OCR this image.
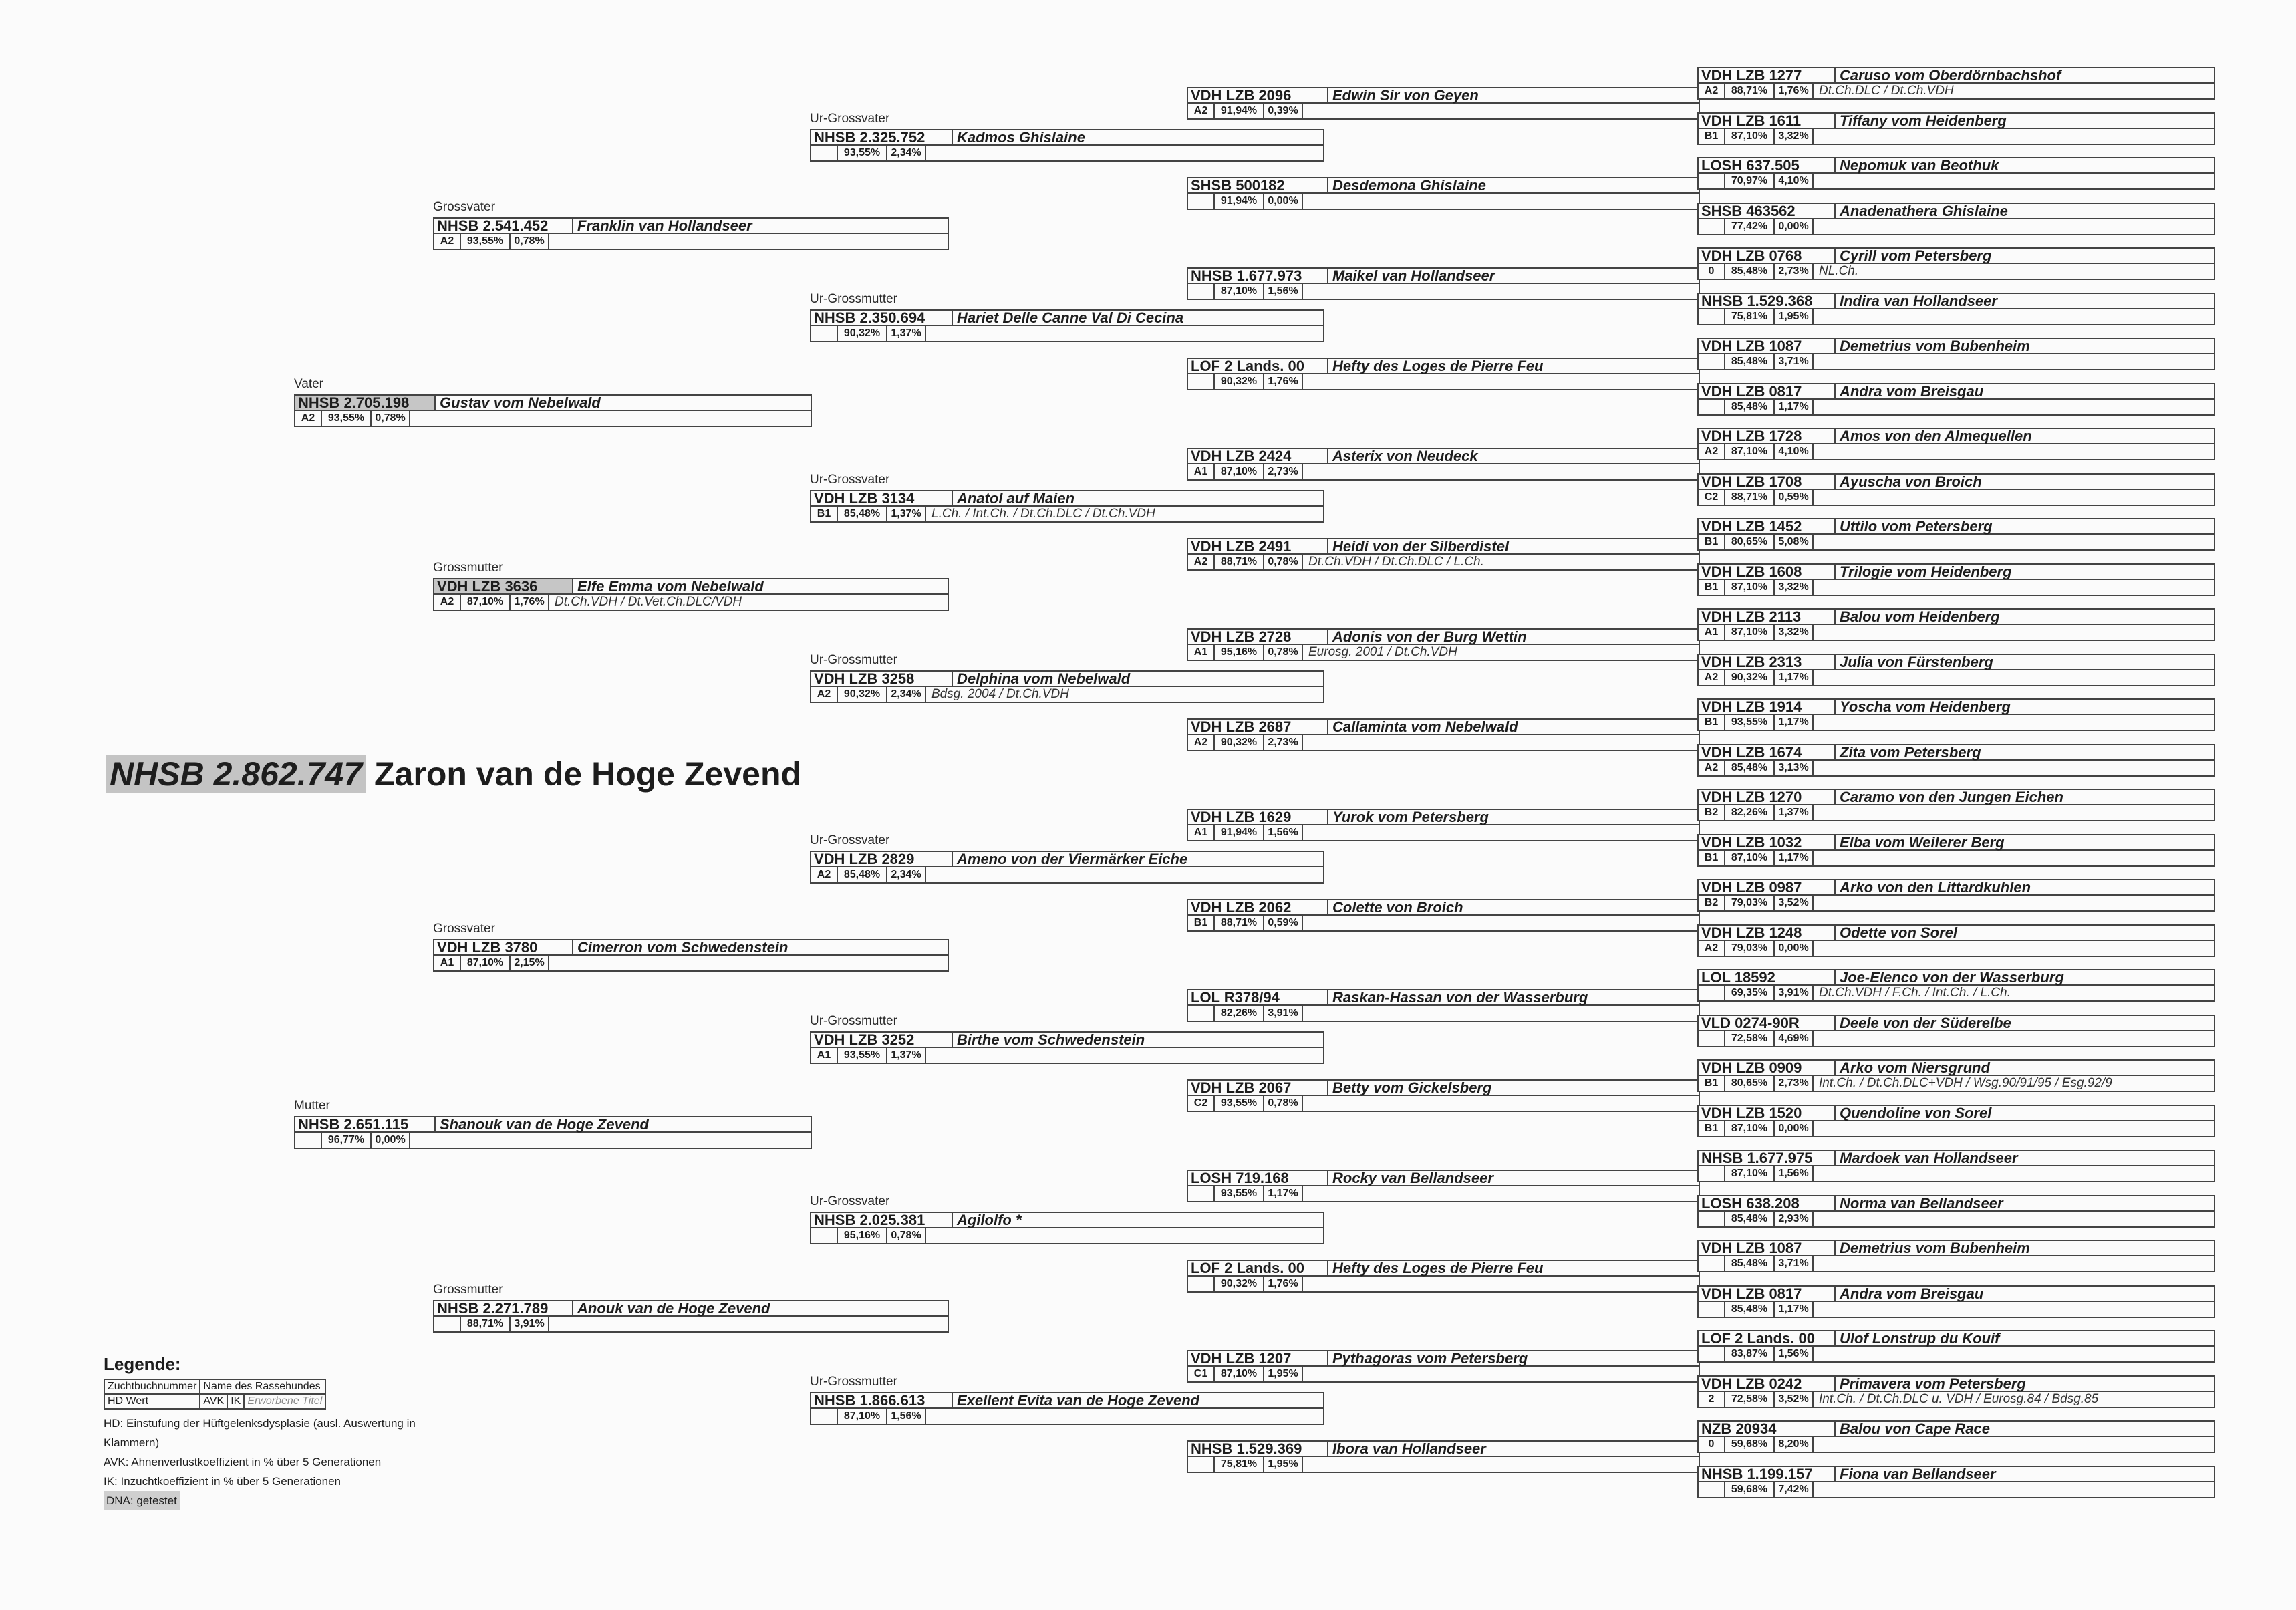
NHSB 2.705.198	Gustav vom Nebelwald
A2	93,55%	0,78%
Vater
NHSB 2.651.115	Shanouk van de Hoge Zevend
96,77%	0,00%
Mutter
NHSB 2.541.452	Franklin van Hollandseer
A2	93,55%	0,78%
Grossvater
VDH LZB 3636	Elfe Emma vom Nebelwald
A2	87,10%	1,76% Dt.Ch.VDH / Dt.Vet.Ch.DLC/VDH
Grossmutter
VDH LZB 3780	Cimerron vom Schwedenstein
A1	87,10%	2,15%
Grossvater
NHSB 2.271.789	Anouk van de Hoge Zevend
88,71%	3,91%
Grossmutter
NHSB 2.325.752	Kadmos Ghislaine
93,55%	2,34%
Ur-Grossvater
NHSB 2.350.694	Hariet Delle Canne Val Di Cecina
90,32%	1,37%
Ur-Grossmutter
VDH LZB 3134	Anatol auf Maien
B1	85,48%	1,37% L.Ch. / Int.Ch. / Dt.Ch.DLC / Dt.Ch.VDH
Ur-Grossvater
VDH LZB 3258	Delphina vom Nebelwald
A2	90,32%	2,34% Bdsg. 2004 / Dt.Ch.VDH
Ur-Grossmutter
VDH LZB 2829	Ameno von der Viermärker Eiche
A2	85,48%	2,34%
Ur-Grossvater
VDH LZB 3252	Birthe vom Schwedenstein
A1	93,55%	1,37%
Ur-Grossmutter
NHSB 2.025.381	Agilolfo *
95,16%	0,78%
Ur-Grossvater
NHSB 1.866.613	Exellent Evita van de Hoge Zevend
87,10%	1,56%
Ur-Grossmutter
VDH LZB 2096	Edwin Sir von Geyen
A2	91,94%	0,39%
SHSB 500182	Desdemona Ghislaine
91,94%	0,00%
NHSB 1.677.973	Maikel van Hollandseer
87,10%	1,56%
LOF 2 Lands. 00	Hefty des Loges de Pierre Feu
90,32%	1,76%
VDH LZB 2424	Asterix von Neudeck
A1	87,10%	2,73%
VDH LZB 2491	Heidi von der Silberdistel
A2	88,71%	0,78% Dt.Ch.VDH / Dt.Ch.DLC / L.Ch.
VDH LZB 2728	Adonis von der Burg Wettin
A1	95,16%	0,78% Eurosg. 2001 / Dt.Ch.VDH
VDH LZB 2687	Callaminta vom Nebelwald
A2	90,32%	2,73%
VDH LZB 1629	Yurok vom Petersberg
A1	91,94%	1,56%
VDH LZB 2062	Colette von Broich
B1	88,71%	0,59%
LOL R378/94	Raskan-Hassan von der Wasserburg
82,26%	3,91%
VDH LZB 2067	Betty vom Gickelsberg
C2	93,55%	0,78%
LOSH 719.168	Rocky van Bellandseer
93,55%	1,17%
LOF 2 Lands. 00	Hefty des Loges de Pierre Feu
90,32%	1,76%
VDH LZB 1207	Pythagoras vom Petersberg
C1	87,10%	1,95%
NHSB 1.529.369	Ibora van Hollandseer
75,81%	1,95%
VDH LZB 1277	Caruso vom Oberdörnbachshof
A2	88,71%	1,76% Dt.Ch.DLC / Dt.Ch.VDH
VDH LZB 1611	Tiffany vom Heidenberg
B1	87,10%	3,32%
LOSH 637.505	Nepomuk van Beothuk
70,97%	4,10%
SHSB 463562	Anadenathera Ghislaine
77,42%	0,00%
VDH LZB 0768	Cyrill vom Petersberg
0	85,48%	2,73% NL.Ch.
NHSB 1.529.368	Indira van Hollandseer
75,81%	1,95%
VDH LZB 1087	Demetrius vom Bubenheim
85,48%	3,71%
VDH LZB 0817	Andra vom Breisgau
85,48%	1,17%
VDH LZB 1728	Amos von den Almequellen
A2	87,10%	4,10%
VDH LZB 1708	Ayuscha von Broich
C2	88,71%	0,59%
VDH LZB 1452	Uttilo vom Petersberg
B1	80,65%	5,08%
VDH LZB 1608	Trilogie vom Heidenberg
B1	87,10%	3,32%
VDH LZB 2113	Balou vom Heidenberg
A1	87,10%	3,32%
VDH LZB 2313	Julia von Fürstenberg
A2	90,32%	1,17%
VDH LZB 1914	Yoscha vom Heidenberg
B1	93,55%	1,17%
VDH LZB 1674	Zita vom Petersberg
A2	85,48%	3,13%
VDH LZB 1270	Caramo von den Jungen Eichen
B2	82,26%	1,37%
VDH LZB 1032	Elba vom Weilerer Berg
B1	87,10%	1,17%
VDH LZB 0987	Arko von den Littardkuhlen
B2	79,03%	3,52%
VDH LZB 1248	Odette von Sorel
A2	79,03%	0,00%
LOL 18592	Joe-Elenco von der Wasserburg
69,35%	3,91% Dt.Ch.VDH / F.Ch. / Int.Ch. / L.Ch.
VLD 0274-90R	Deele von der Süderelbe
72,58%	4,69%
VDH LZB 0909	Arko vom Niersgrund
B1	80,65%	2,73% Int.Ch. / Dt.Ch.DLC+VDH / Wsg.90/91/95 / Esg.92/9
VDH LZB 1520	Quendoline von Sorel
B1	87,10%	0,00%
NHSB 1.677.975	Mardoek van Hollandseer
87,10%	1,56%
LOSH 638.208	Norma van Bellandseer
85,48%	2,93%
VDH LZB 1087	Demetrius vom Bubenheim
85,48%	3,71%
VDH LZB 0817	Andra vom Breisgau
85,48%	1,17%
LOF 2 Lands. 00	Ulof Lonstrup du Kouif
83,87%	1,56%
VDH LZB 0242	Primavera vom Petersberg
2	72,58%	3,52% Int.Ch. / Dt.Ch.DLC u. VDH / Eurosg.84 / Bdsg.85
NZB 20934	Balou von Cape Race
0	59,68%	8,20%
NHSB 1.199.157	Fiona van Bellandseer
59,68%	7,42%
NHSB 2.862.747 Zaron van de Hoge Zevend
Legende:
Zuchtbuchnummer	Name des Rassehundes		
HD Wert	AVK	IK	Erworbene Titel
HD: Einstufung der Hüftgelenksdysplasie (ausl. Auswertung in Klammern)
AVK: Ahnenverlustkoeffizient in % über 5 Generationen
IK: Inzuchtkoeffizient in % über 5 Generationen
DNA: getestet
